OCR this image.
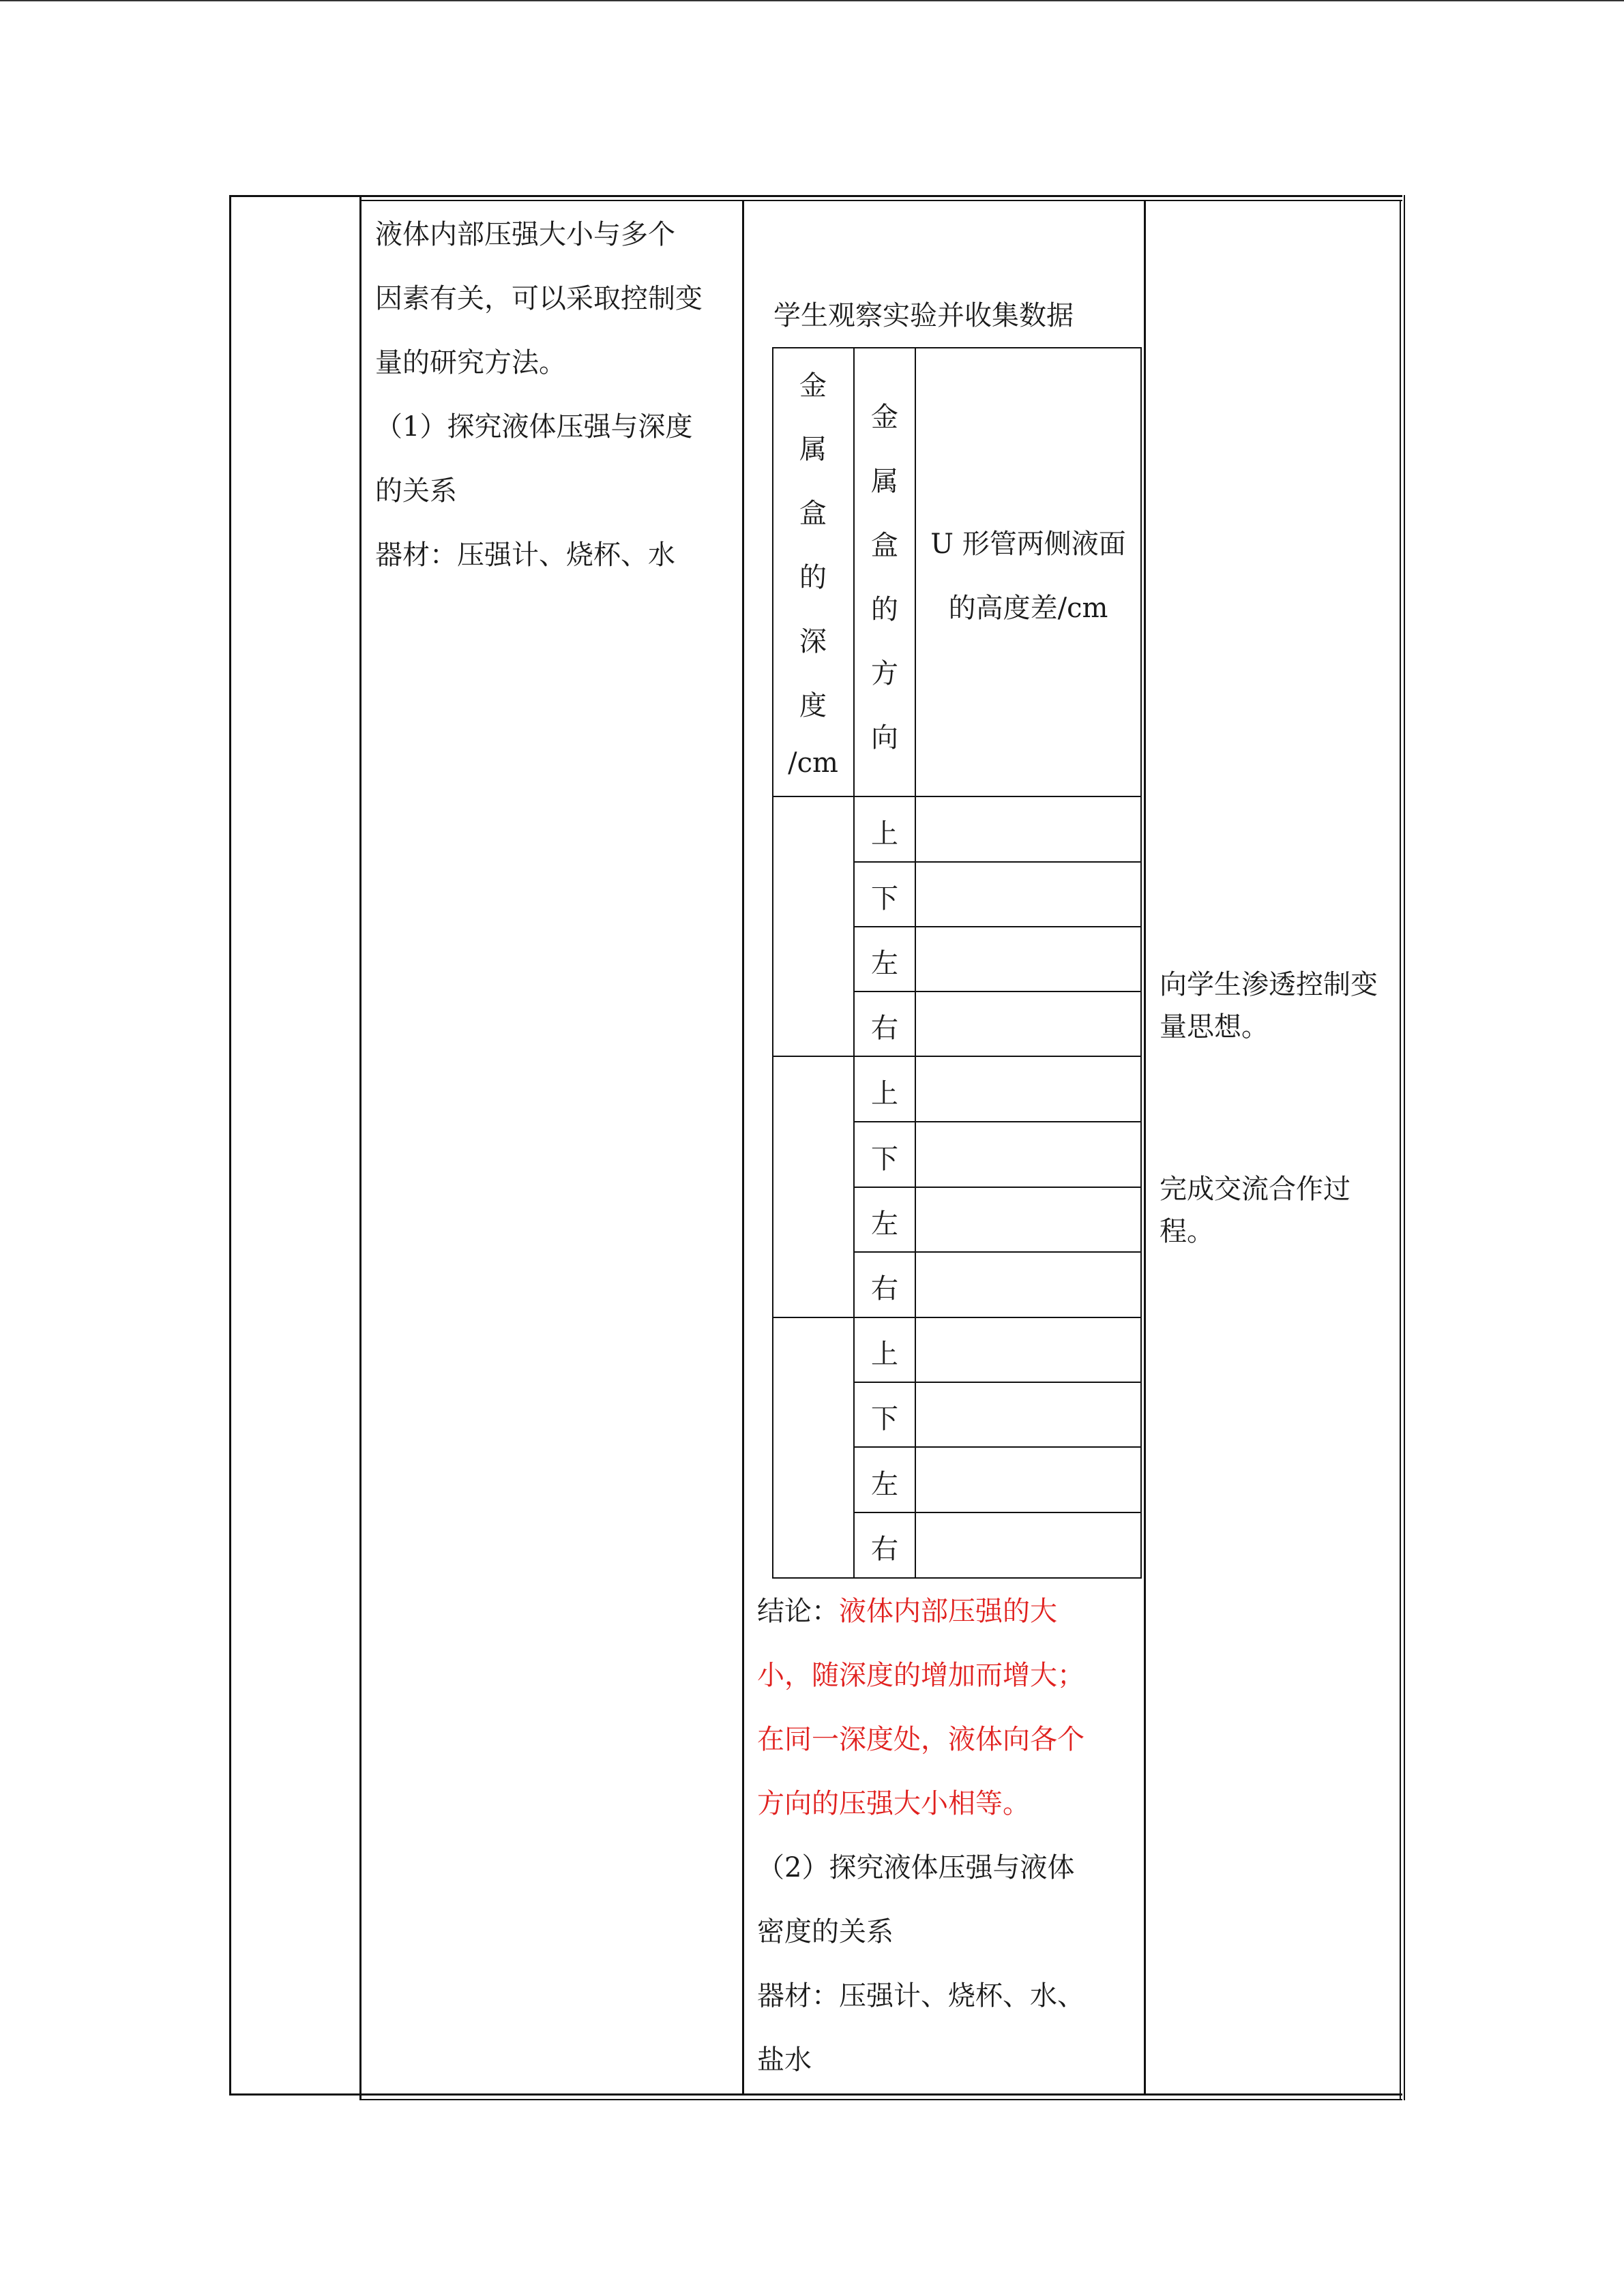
液体内部压强大小与多个
因素有关，可以采取控制变
量的研究方法。
（1）探究液体压强与深度
的关系
器材：压强计、烧杯、水
学生观察实验并收集数据
金
属
盒
的
深
度
/cm
金
属
盒
的
方
向
U 形管两侧液面
的高度差/cm
上
下
左
右
上
下
左
右
上
下
左
右
结论：液体内部压强的大
小，随深度的增加而增大；
在同一深度处，液体向各个
方向的压强大小相等。
（2）探究液体压强与液体
密度的关系
器材：压强计、烧杯、水、
盐水
向学生渗透控制变量思想。
完成交流合作过程。
